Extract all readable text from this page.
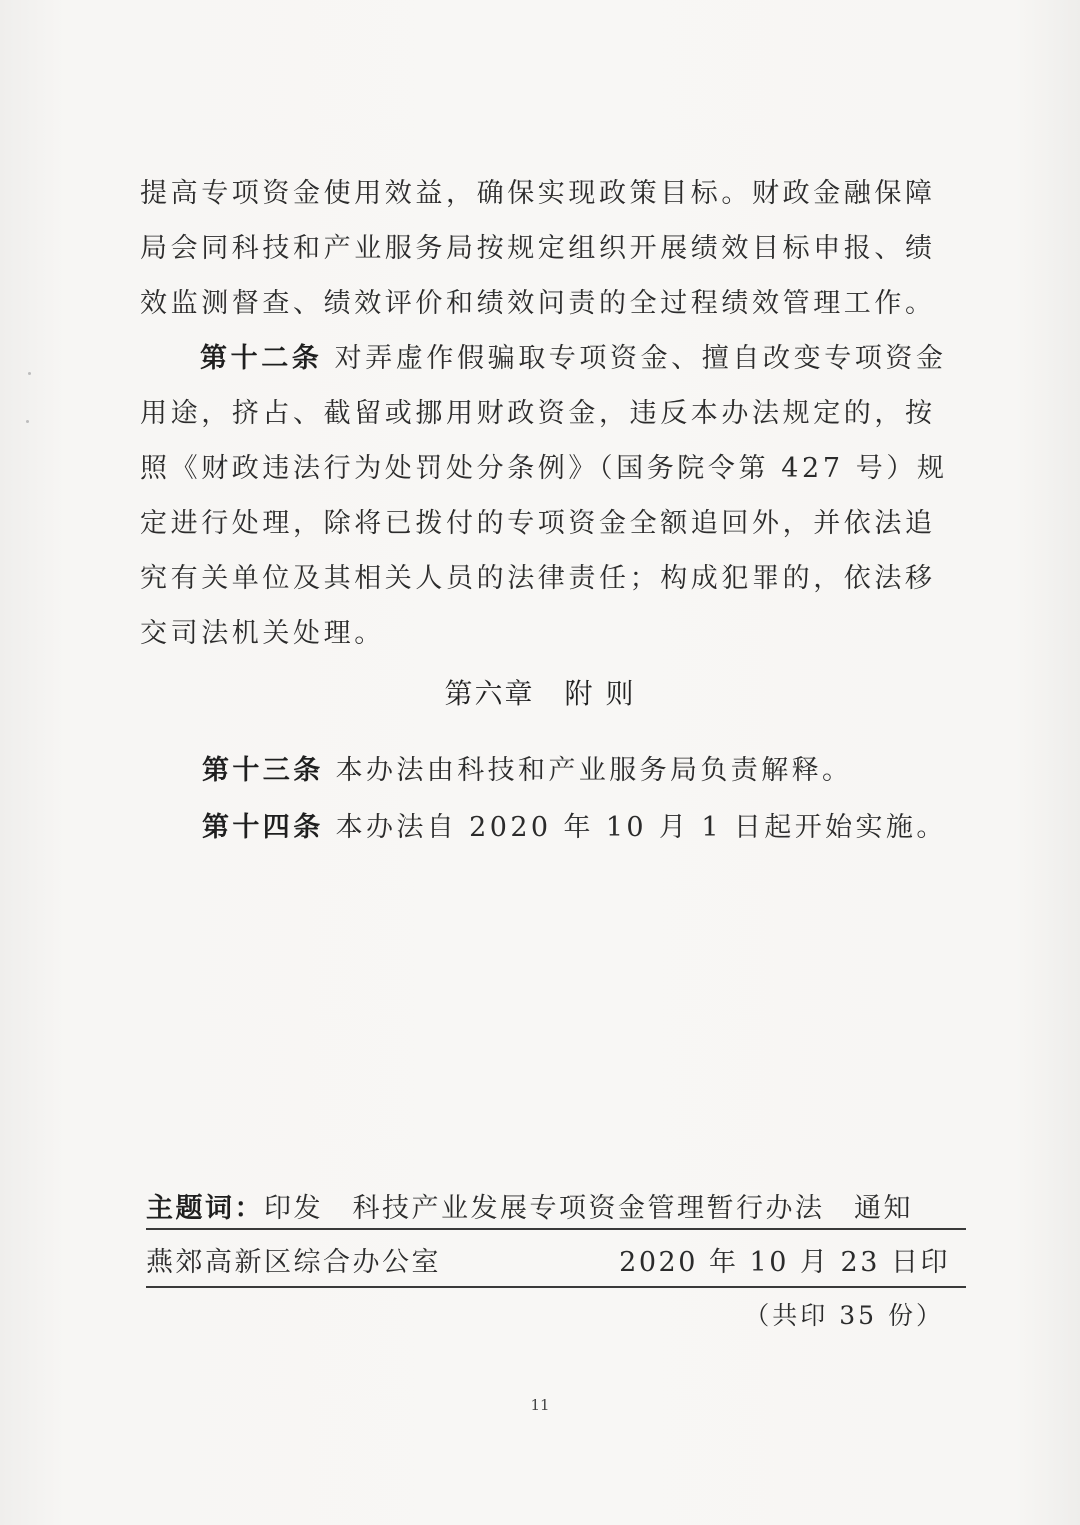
提高专项资金使用效益，确保实现政策目标。财政金融保障
局会同科技和产业服务局按规定组织开展绩效目标申报、绩
效监测督查、绩效评价和绩效问责的全过程绩效管理工作。
第十二条 对弄虚作假骗取专项资金、擅自改变专项资金
用途，挤占、截留或挪用财政资金，违反本办法规定的，按
照《财政违法行为处罚处分条例》（国务院令第 427 号）规
定进行处理，除将已拨付的专项资金全额追回外，并依法追
究有关单位及其相关人员的法律责任；构成犯罪的，依法移
交司法机关处理。
第六章 附 则
第十三条 本办法由科技和产业服务局负责解释。
第十四条 本办法自 2020 年 10 月 1 日起开始实施。
主题词：印发　科技产业发展专项资金管理暂行办法　通知
燕郊高新区综合办公室	2020 年 10 月 23 日印
（共印 35 份）
11
